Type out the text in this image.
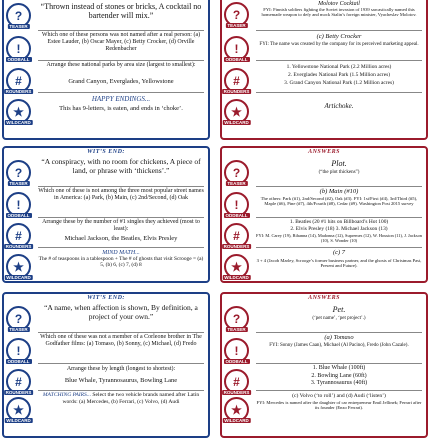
“Thrown instead of stones or bricks, A cocktail no bartender will mix.”
?
TEASER
Which one of these persons was not named after a real person: (a) Estee Lauder, (b) Oscar Mayer, (c) Betty Crocker, (d) Orville Redenbacher
!
ODDBALL
Arrange these national parks by area size (largest to smallest):
Grand Canyon, Everglades, Yellowstone
#
ROUNDERS
HAPPY ENDINGS...
This has 9-letters, is eaten, and ends in ‘choke’.
★
WILDCARD
Molotov Cocktail
FYI: Finnish soldiers fighting the Soviet invasion of 1939 sarcastically named this homemade weapon to defy and mock Stalin’s foreign minister, Vyacheslav Molotov.
?
TEASER
(c) Betty Crocker
FYI: The name was created by the company for its perceived marketing appeal.
!
ODDBALL
1. Yellowstone National Park (2.2 Million acres)
2. Everglades National Park (1.5 Million acres)
3. Grand Canyon National Park (1.2 Million acres)
#
ROUNDERS
Artichoke.
★
WILDCARD
WIT’S END:
“A conspiracy, with no room for chickens, A piece of land, or phrase with ‘thickens’.”
?
TEASER
Which one of these is not among the three most popular street names in America: (a) Park, (b) Main, (c) 2nd/Second, (d) Oak
!
ODDBALL
Arrange these by the number of #1 singles they achieved (most to least):
Michael Jackson, the Beatles, Elvis Presley
#
ROUNDERS
MIND MATH...
The # of teaspoons in a tablespoon + The # of ghosts that visit Scrooge = (a) 5, (b) 6, (c) 7, (d) 8
★
WILDCARD
ANSWERS
Plot.
(“the plot thickens”)
?
TEASER
(b) Main (#10)
The others: Park (#1), 2nd/Second (#2), Oak (#3). FYI: 1st/First (#4), 3rd/Third (#5), Maple (#6), Pine (#7), 4th/Fourth (#8), Cedar (#9). Washington Post 2015 survey
!
ODDBALL
1. Beatles (20 #1 hits on Billboard’s Hot 100)
2. Elvis Presley (18) 3. Michael Jackson (13)
FYI: M. Carey (19), Rihanna (14), Madonna (12), Supremes (12), W. Houston (11), J. Jackson (10), S. Wonder (10)
#
ROUNDERS
(c) 7
3 + 4 (Jacob Marley, Scrooge’s former business partner, and the ghosts of Christmas Past, Present and Future).
★
WILDCARD
WIT’S END:
“A name, when affection is shown, By definition, a project of your own.”
?
TEASER
Which one of these was not a member of a Corleone brother in The Godfather films: (a) Tomaso, (b) Sonny, (c) Michael, (d) Fredo
!
ODDBALL
Arrange these by length (longest to shortest):
Blue Whale, Tyrannosaurus, Bowling Lane
#
ROUNDERS	MATCHING PAIRS... Select the two vehicle brands named after Latin words: (a) Mercedes, (b) Ferrari, (c) Volvo, (d) Audi
★
WILDCARD
ANSWERS
Pet.
(‘pet name’, ‘pet project’.)
?
TEASER
(a) Tomaso
FYI: Sonny (James Caan), Michael (Al Pacino), Fredo (John Cazale).
!
ODDBALL
1. Blue Whale (100ft)
2. Bowling Lane (60ft)
3. Tyrannosaurus (40ft)
#
ROUNDERS
(c) Volvo (‘to roll’) and (d) Audi (‘listen’)
FYI: Mercedes is named after the daughter of car entrepreneur Emil Jellinek; Ferrari after its founder (Enzo Ferrari).
★
WILDCARD
